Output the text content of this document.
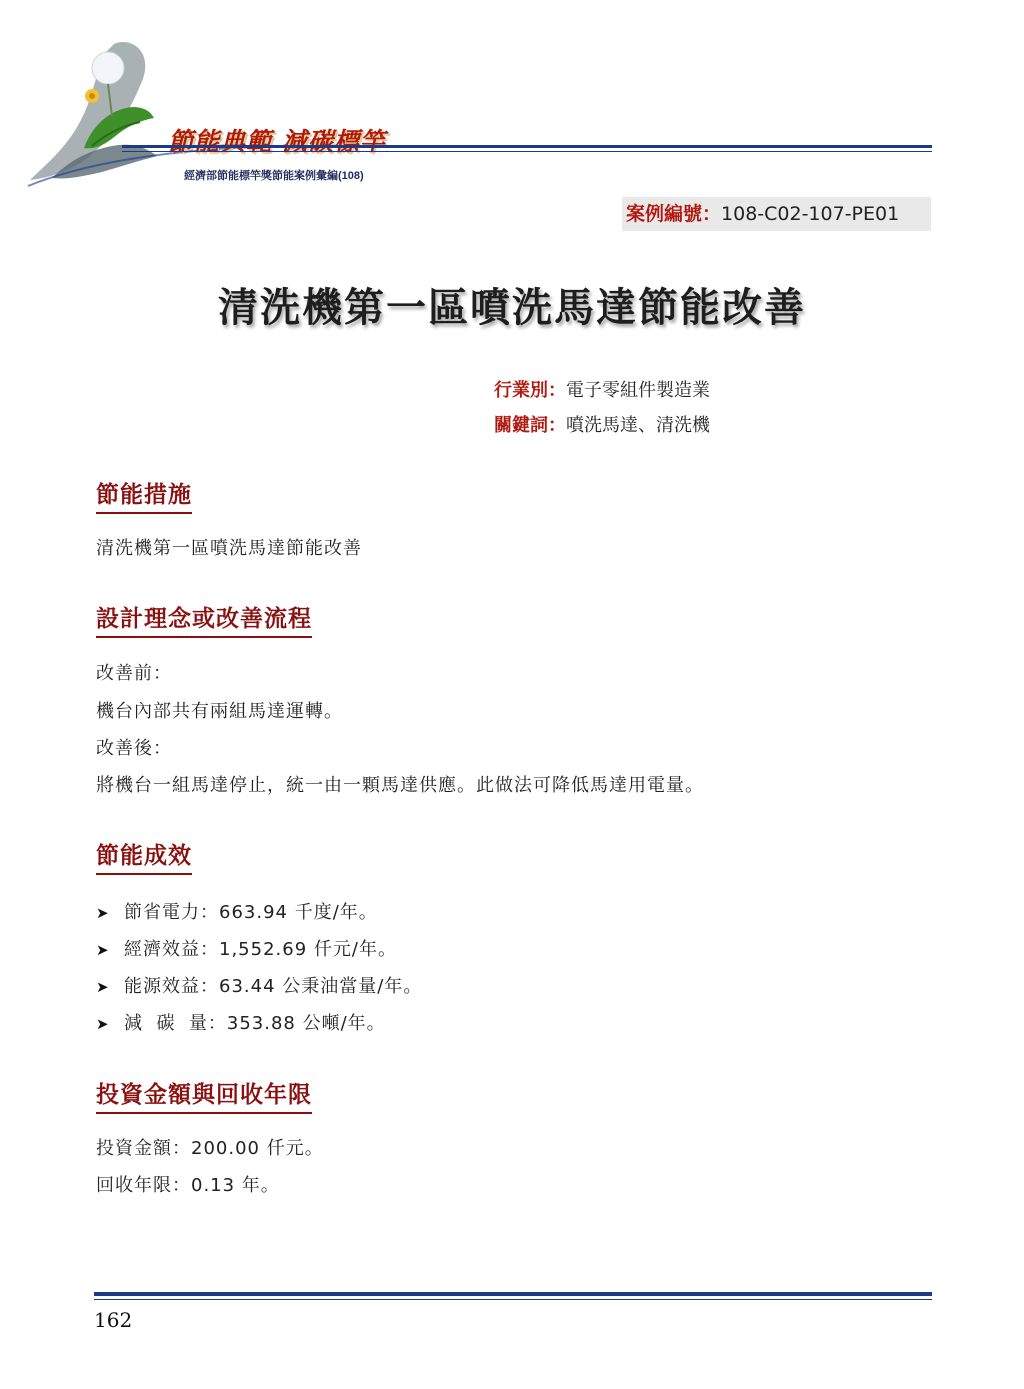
節能典範 減碳標竿
經濟部節能標竿獎節能案例彙編(108)
案例編號：108-C02-107-PE01
清洗機第一區噴洗馬達節能改善
行業別：電子零組件製造業
關鍵詞：噴洗馬達、清洗機
節能措施
清洗機第一區噴洗馬達節能改善
設計理念或改善流程
改善前：
機台內部共有兩組馬達運轉。
改善後：
將機台一組馬達停止，統一由一顆馬達供應。此做法可降低馬達用電量。
節能成效
➤ 節省電力：663.94 千度/年。
➤ 經濟效益：1,552.69 仟元/年。
➤ 能源效益：63.44 公秉油當量/年。
➤ 減  碳  量：353.88 公噸/年。
投資金額與回收年限
投資金額：200.00 仟元。
回收年限：0.13 年。
162
